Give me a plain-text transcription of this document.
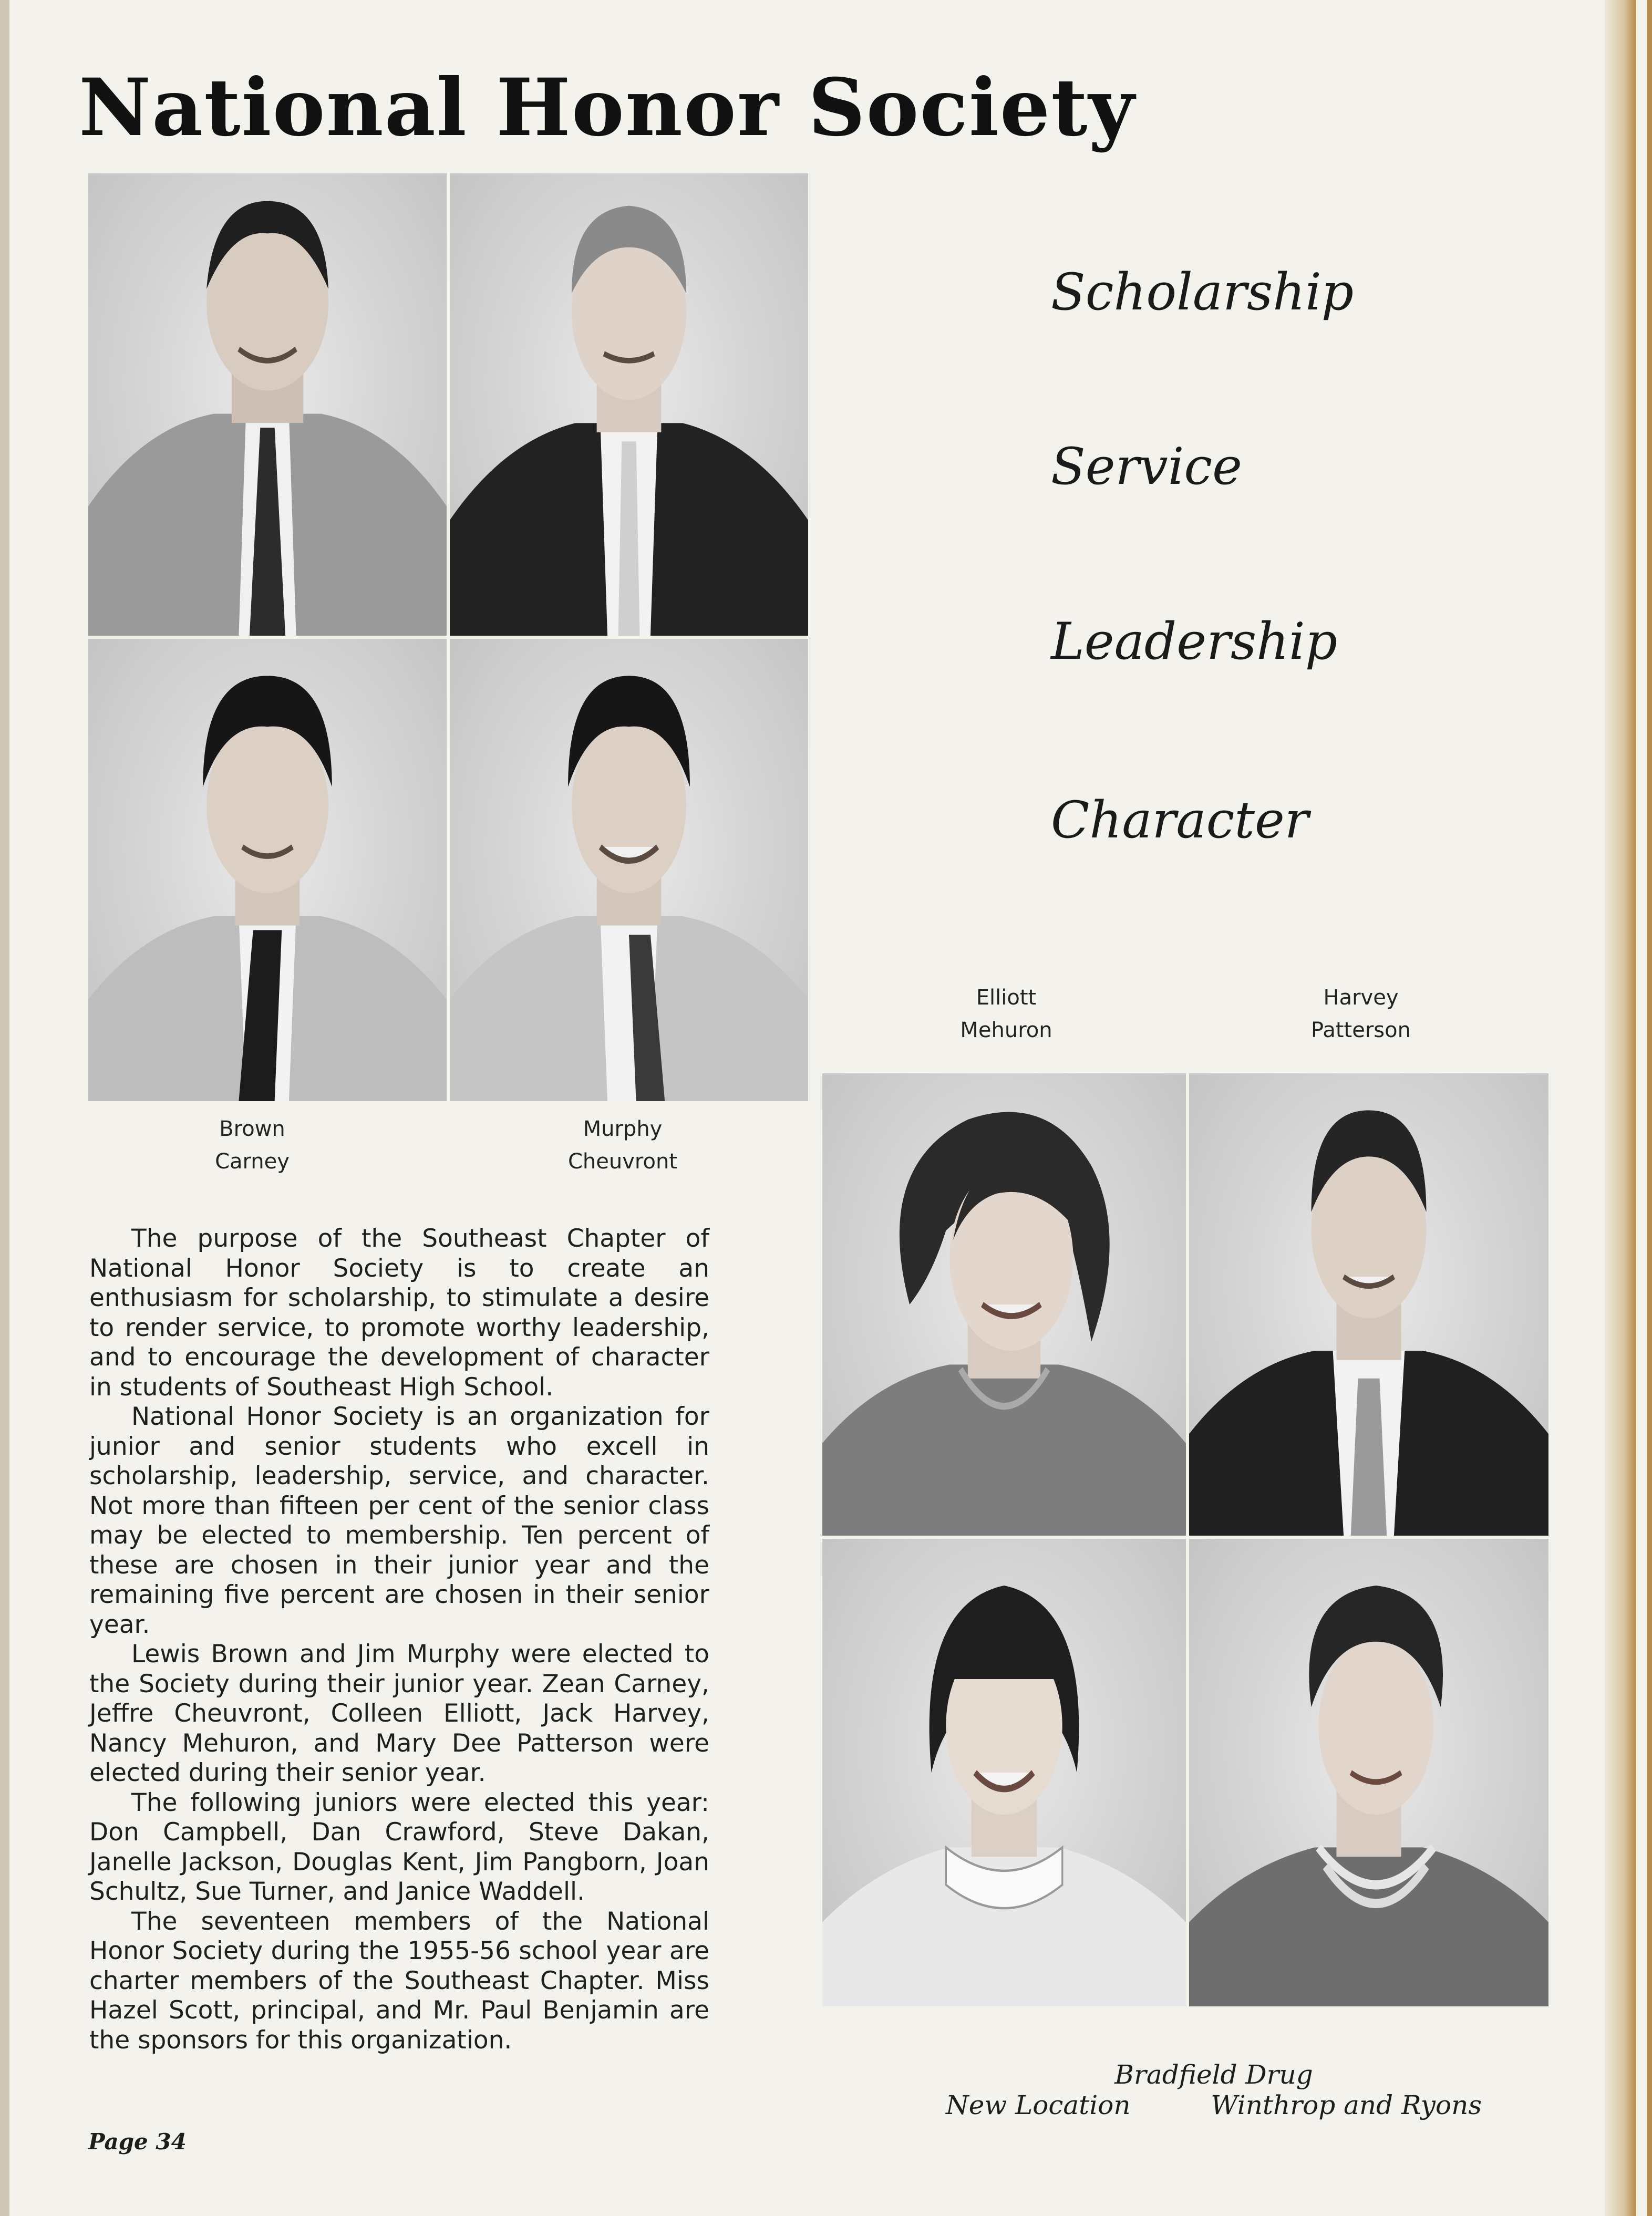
National Honor Society
Brown
Carney
Murphy
Cheuvront
Scholarship
Service
Leadership
Character
Elliott
Mehuron
Harvey
Patterson

The purpose of the Southeast Chapter of National Honor Society is to create an enthusiasm for scholarship, to stimulate a desire to render service, to promote worthy leadership, and to encourage the development of character in students of Southeast High School.

National Honor Society is an organization for junior and senior students who excell in scholarship, leadership, service, and character. Not more than fifteen per cent of the senior class may be elected to membership. Ten percent of these are chosen in their junior year and the remaining five percent are chosen in their senior year.

Lewis Brown and Jim Murphy were elected to the Society during their junior year. Zean Carney, Jeffre Cheuvront, Colleen Elliott, Jack Harvey, Nancy Mehuron, and Mary Dee Patterson were elected during their senior year.

The following juniors were elected this year: Don Campbell, Dan Crawford, Steve Dakan, Janelle Jackson, Douglas Kent, Jim Pangborn, Joan Schultz, Sue Turner, and Janice Waddell.

The seventeen members of the National Honor Society during the 1955-56 school year are charter members of the Southeast Chapter. Miss Hazel Scott, principal, and Mr. Paul Benjamin are the sponsors for this organization.

Bradfield Drug
New Location	Winthrop and Ryons
Page 34
